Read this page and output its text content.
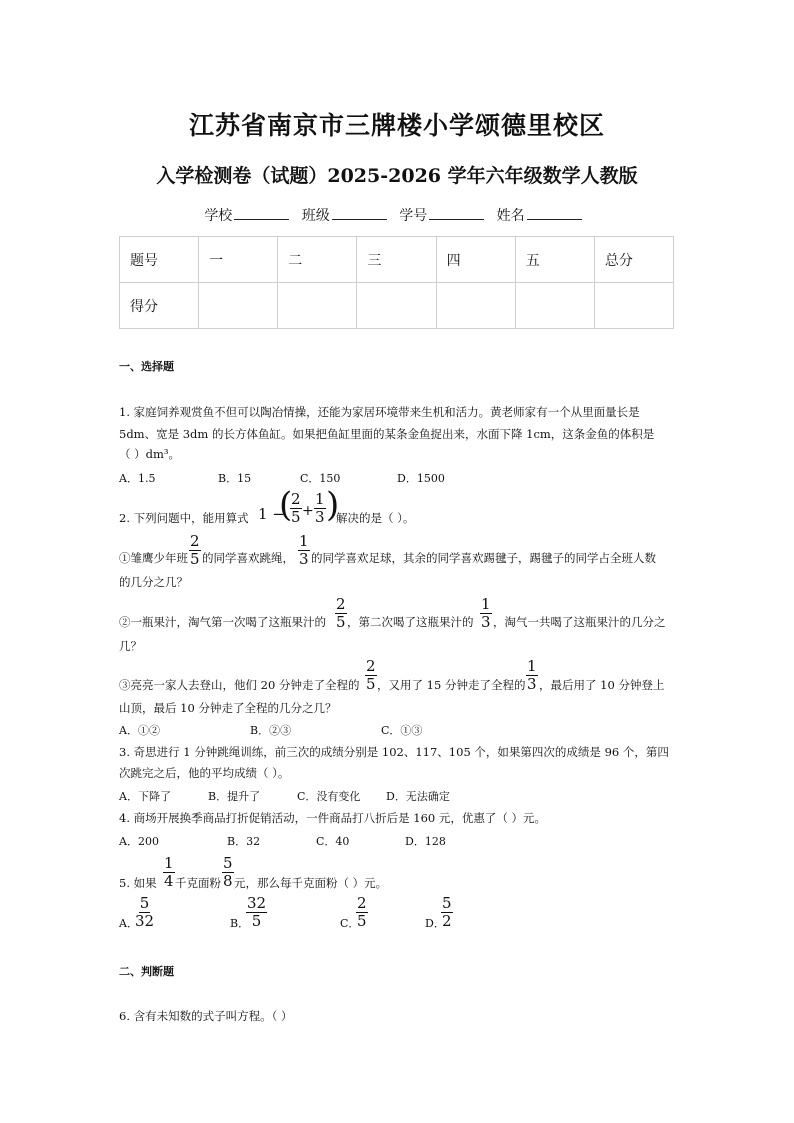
江苏省南京市三牌楼小学颂德里校区
入学检测卷（试题）2025-2026 学年六年级数学人教版
学校	班级	学号	姓名
题号	一	二	三	四	五	总分
得分						
一、选择题
1. 家庭饲养观赏鱼不但可以陶冶情操，还能为家居环境带来生机和活力。黄老师家有一个从里面量长是
5dm、宽是 3dm 的长方体鱼缸。如果把鱼缸里面的某条金鱼捉出来，水面下降 1cm，这条金鱼的体积是
（ ）dm³。
A．1.5	B．15	C．150	D．1500
2. 下列问题中，能用算式 1 −
(
$\frac{2}{5} + \frac{1}{3}$ )
解决的是（ ）。
①雏鹰少年班 $\frac{2}{5}$ 的同学喜欢跳绳， $\frac{1}{3}$ 的同学喜欢足球，其余的同学喜欢踢毽子，踢毽子的同学占全班人数
的几分之几？
②一瓶果汁，淘气第一次喝了这瓶果汁的 $\frac{2}{5}$ ，第二次喝了这瓶果汁的 $\frac{1}{3}$ ，淘气一共喝了这瓶果汁的几分之
几？
③亮亮一家人去登山，他们 20 分钟走了全程的 $\frac{2}{5}$ ，又用了 15 分钟走了全程的 $\frac{1}{3}$ ，最后用了 10 分钟登上
山顶，最后 10 分钟走了全程的几分之几？
A．①②	B．②③	C．①③
3. 奇思进行 1 分钟跳绳训练，前三次的成绩分别是 102、117、105 个，如果第四次的成绩是 96 个，第四
次跳完之后，他的平均成绩（ ）。
A．下降了	B．提升了	C．没有变化 D．无法确定
4. 商场开展换季商品打折促销活动，一件商品打八折后是 160 元，优惠了（ ）元。
A．200	B．32	C．40	D．128
5. 如果 $\frac{1}{4}$ 千克面粉 $\frac{5}{8}$ 元，那么每千克面粉（ ）元。
A．
$\frac{5}{32}$	B．
$\frac{32}{5}$	C．
$\frac{2}{5}$	D．
$\frac{5}{2}$
二、判断题
6. 含有未知数的式子叫方程。（ ）
